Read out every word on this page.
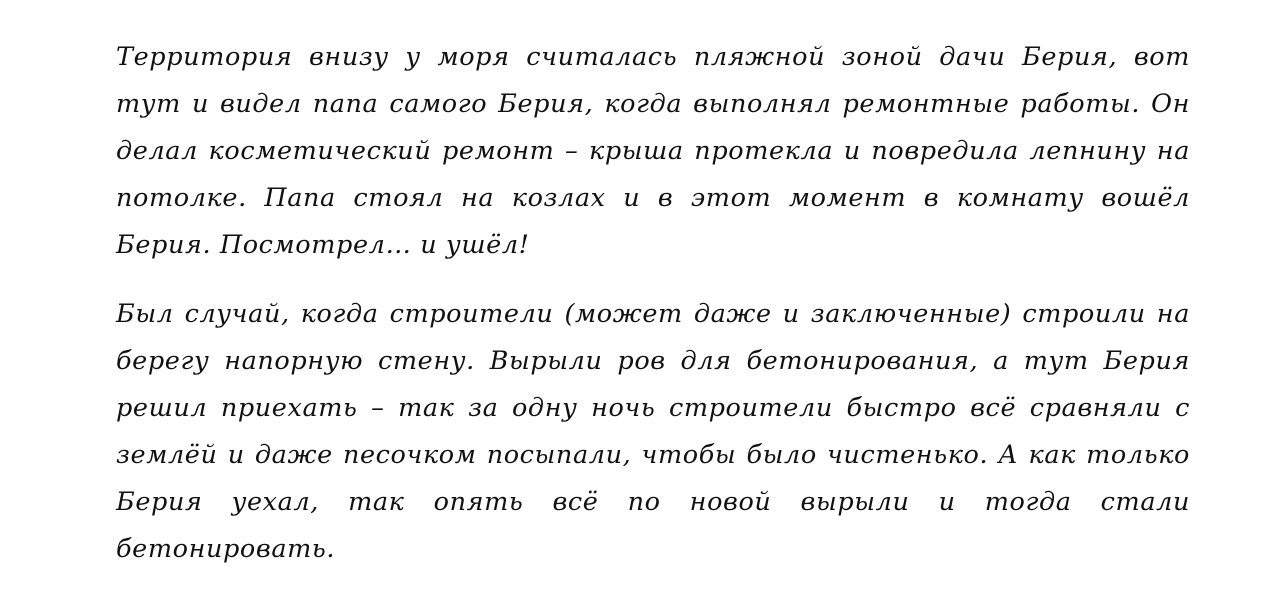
Территория внизу у моря считалась пляжной зоной дачи Берия, вот тут и видел папа самого Берия, когда выполнял ремонтные работы. Он делал косметический ремонт – крыша протекла и повредила лепнину на потолке. Папа стоял на козлах и в этот момент в комнату вошёл Берия. Посмотрел… и ушёл!

Был случай, когда строители (может даже и заключенные) строили на берегу напорную стену. Вырыли ров для бетонирования, а тут Берия решил приехать – так за одну ночь строители быстро всё сравняли с землёй и даже песочком посыпали, чтобы было чистенько. А как только Берия уехал, так опять всё по новой вырыли и тогда стали бетонировать.
